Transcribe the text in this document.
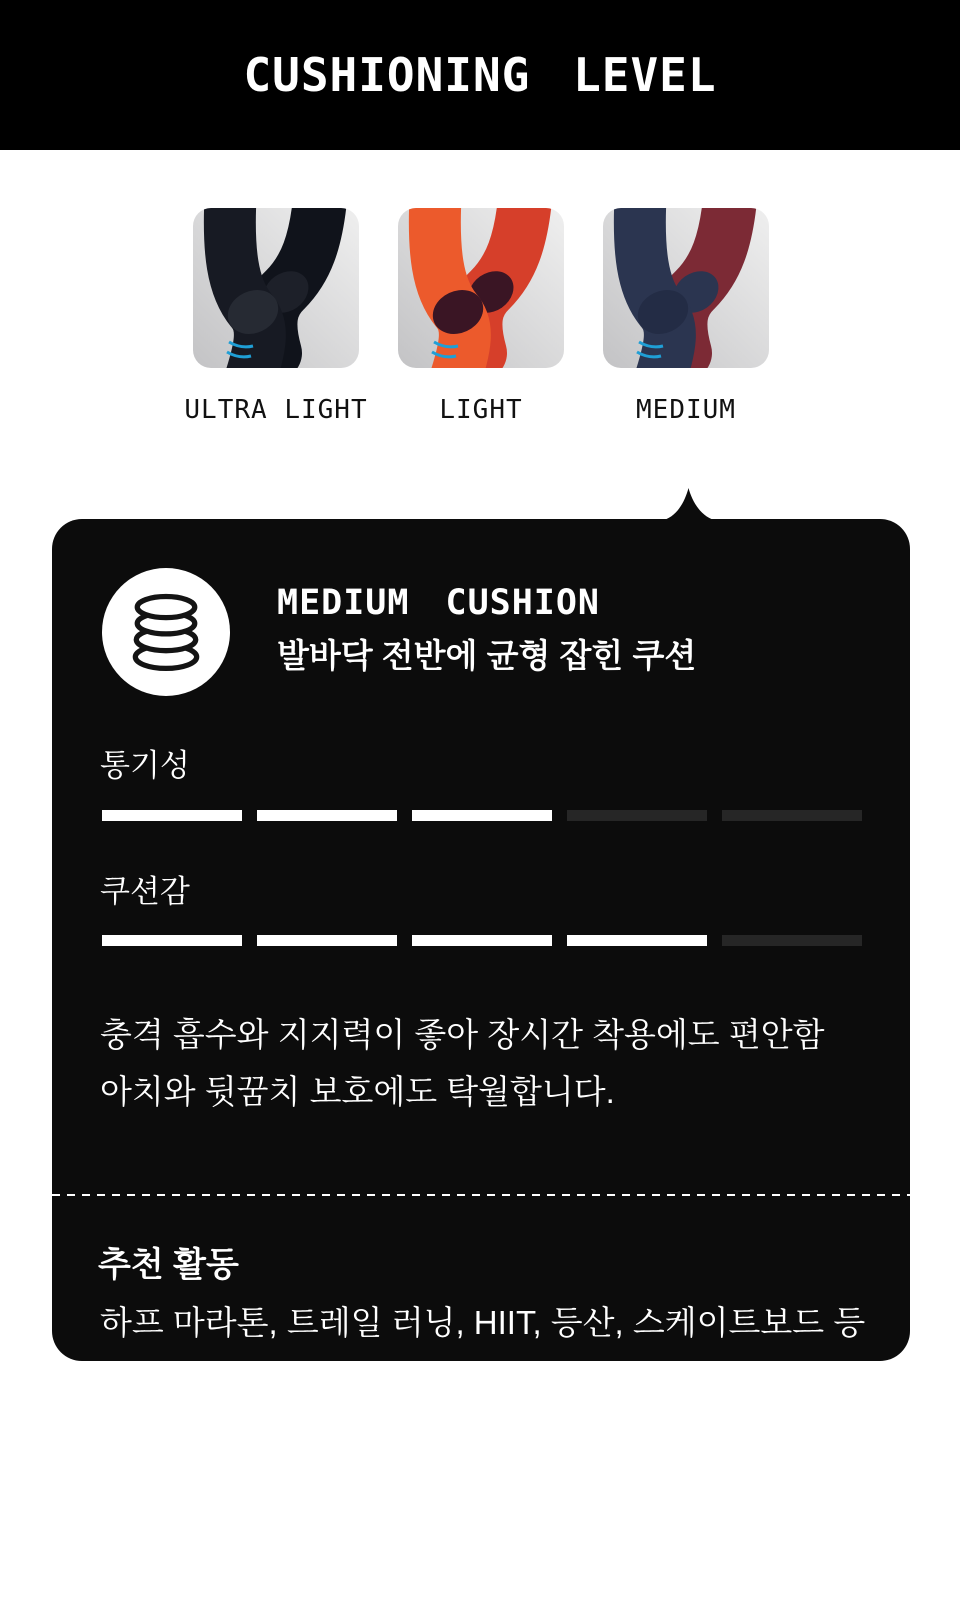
CUSHIONING LEVEL
ULTRA LIGHT	LIGHT	MEDIUM
MEDIUM CUSHION
발바닥 전반에 균형 잡힌 쿠션
통기성
쿠션감
충격 흡수와 지지력이 좋아 장시간 착용에도 편안함
아치와 뒷꿈치 보호에도 탁월합니다.
추천 활동
하프 마라톤, 트레일 러닝, HIIT, 등산, 스케이트보드 등
